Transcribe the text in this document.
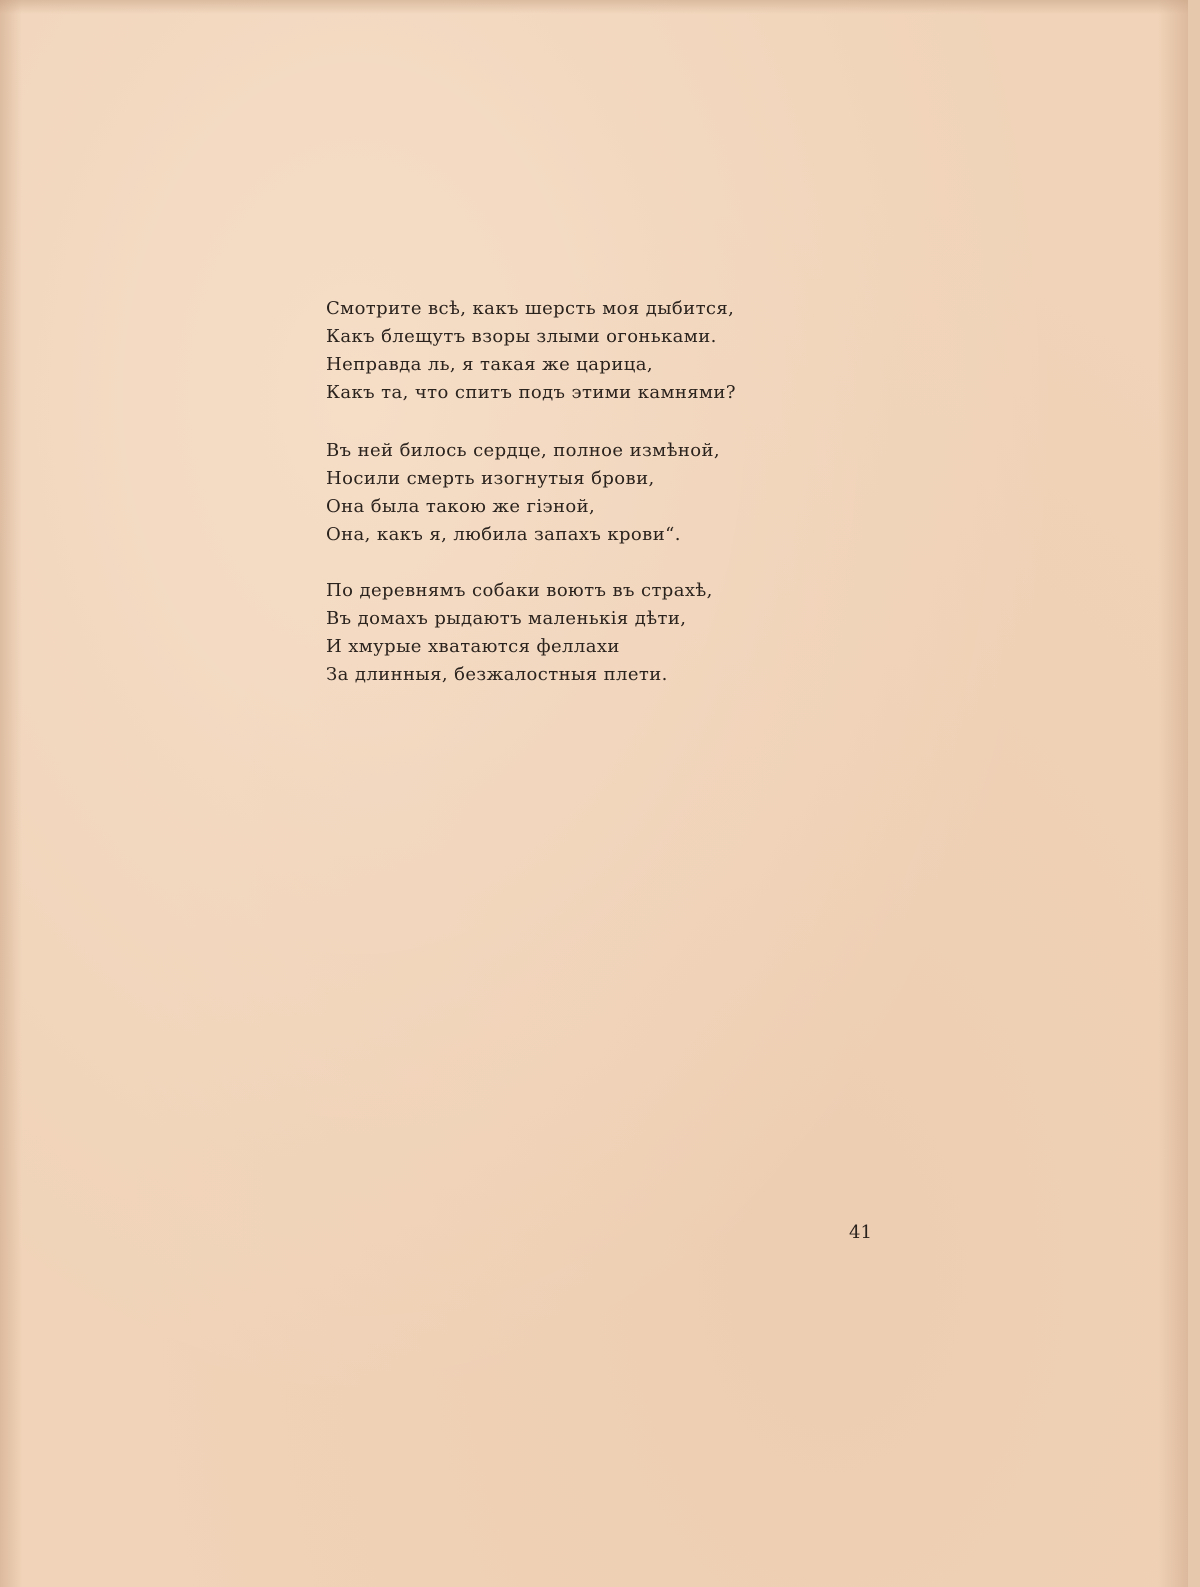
Смотрите всѣ, какъ шерсть моя дыбится,
Какъ блещутъ взоры злыми огоньками.
Неправда ль, я такая же царица,
Какъ та, что спитъ подъ этими камнями?
Въ ней билось сердце, полное измѣной,
Носили смерть изогнутыя брови,
Она была такою же гіэной,
Она, какъ я, любила запахъ крови“.
По деревнямъ собаки воютъ въ страхѣ,
Въ домахъ рыдаютъ маленькія дѣти,
И хмурые хватаются феллахи
За длинныя, безжалостныя плети.
41
